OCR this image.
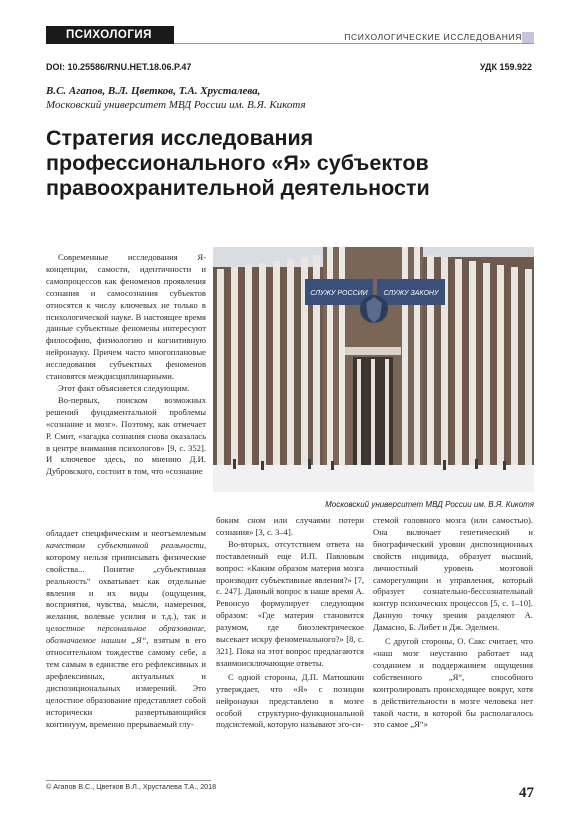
ПСИХОЛОГИЯ	ПСИХОЛОГИЧЕСКИЕ ИССЛЕДОВАНИЯ
DOI: 10.25586/RNU.HET.18.06.P.47	УДК 159.922
В.С. Агапов, В.Л. Цветков, Т.А. Хрусталева,
Московский университет МВД России им. В.Я. Кикотя
Стратегия исследования
профессионального «Я» субъектов
правоохранительной деятельности

Современные исследования Я-концепции, самости, идентичности и самопроцессов как феноменов проявления сознания и самосознания субъектов относятся к числу ключевых не только в психологической науке. В настоящее время данные субъектные феномены интересуют философию, физиологию и когнитивную нейронауку. Причем часто многоплановые исследования субъектных феноменов становятся междисциплинарными.

Этот факт объясняется следующим.

Во-первых, поиском возможных решений фундаментальной проблемы «сознание и мозг». Поэтому, как отмечает Р. Смит, «загадка сознания снова оказалась в центре внимания психологов» [9, с. 352]. И ключевое здесь, по мнению Д.И. Дубровского, состоит в том, что «сознание

СЛУЖУ РОССИИ СЛУЖУ ЗАКОНУ
Московский университет МВД России им. В.Я. Кикотя

обладает специфическим и неотъемлемым качеством субъективной реальности, которому нельзя приписывать физические свойства... Понятие „субъективная реальность“ охватывает как отдельные явления и их виды (ощущения, восприятия, чувства, мысли, намерения, желания, волевые усилия и т.д.), так и целостное персональное образование, обозначаемое нашим „Я“, взятым в его относительном тождестве самому себе, а тем самым в единстве его рефлексивных и арефлексивных, актуальных и диспозициональных измерений. Это целостное образование представляет собой исторически развертывающийся континуум, временно прерываемый глу-

боким сном или случаями потери сознания» [3, с. 3–4].

Во-вторых, отсутствием ответа на поставленный еще И.П. Павловым вопрос: «Каким образом материя мозга производит субъективные явления?» [7, с. 247]. Данный вопрос в наше время А. Ревонсуо формулирует следующим образом: «Где материя становится разумом, где биоэлектрическое высекает искру феноменального?» [8, с. 321]. Пока на этот вопрос предлагаются взаимоисключающие ответы.

С одной стороны, Д.П. Матюшкин утверждает, что «Я» с позиции нейронауки представлено в мозге особой структурно-функциональной подсистемой, которую называют эго-си-

стемой головного мозга (или самостью). Она включает генетический и биографический уровни диспозиционных свойств индивида, образует высший, личностный уровень мозговой саморегуляции и управления, который образует сознательно-бессознательный контур психических процессов [5, с. 1–10]. Данную точку зрения разделяют А. Дамасио, Б. Либет и Дж. Эделмен.

С другой стороны, О. Сакс считает, что «наш мозг неустанно работает над созданием и поддержанием ощущения собственного „Я“, способного контролировать происходящее вокруг, хотя в действительности в мозге человека нет такой части, в которой бы располагалось это самое „Я“»

© Агапов В.С., Цветков В.Л., Хрусталева Т.А., 2018	47
